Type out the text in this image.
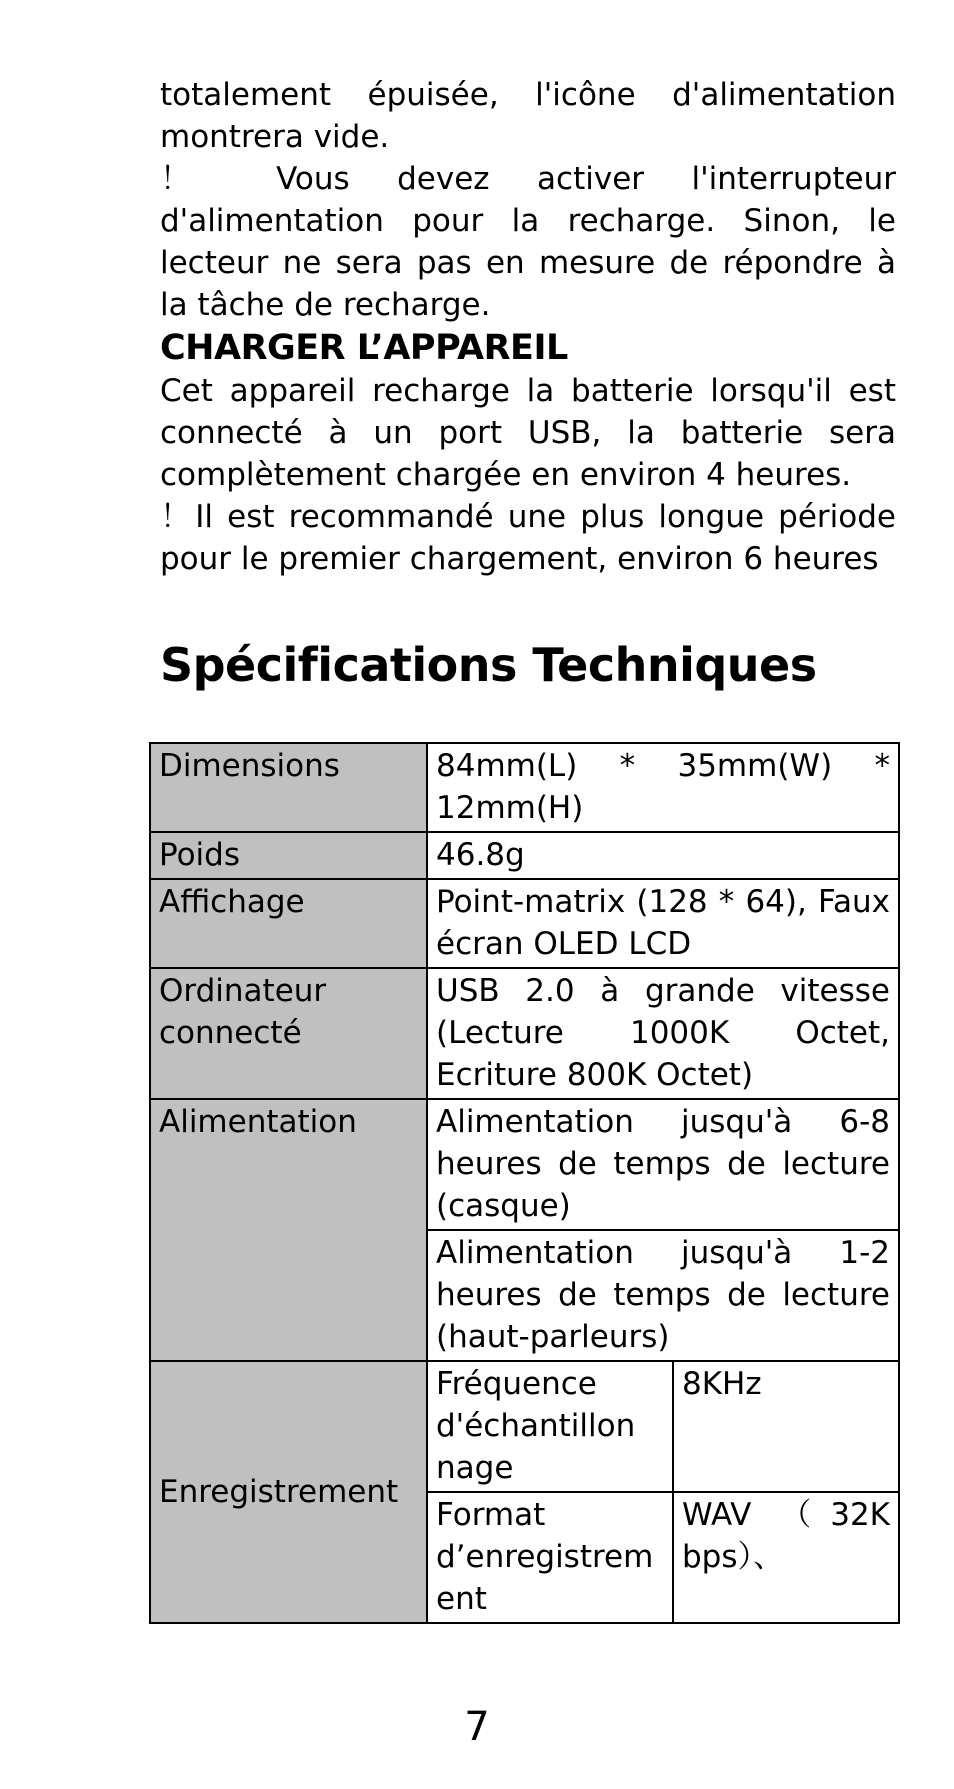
totalement épuisée, l'icône d'alimentation

montrera vide.

！ Vous devez activer l'interrupteur d'alimentation pour la recharge. Sinon, le lecteur ne sera pas en mesure de répondre à la tâche de recharge.

CHARGER L’APPAREIL

Cet appareil recharge la batterie lorsqu'il est connecté à un port USB, la batterie sera complètement chargée en environ 4 heures.

！Il est recommandé une plus longue période pour le premier chargement, environ 6 heures

Spécifications Techniques
Dimensions	84mm(L) * 35mm(W) * 12mm(H)	
Poids	46.8g	
Affichage	Point-matrix (128 * 64), Faux écran OLED LCD	
Ordinateur connecté	USB 2.0 à grande vitesse (Lecture 1000K Octet, Ecriture 800K Octet)	
Alimentation	Alimentation jusqu'à 6-8 heures de temps de lecture (casque)	
	Alimentation jusqu'à 1-2 heures de temps de lecture (haut-parleurs)	
Enregistrement	Fréquence d'échantillon nage	8KHz
	Format d’enregistrem ent	WAV （32K bps）、
7
